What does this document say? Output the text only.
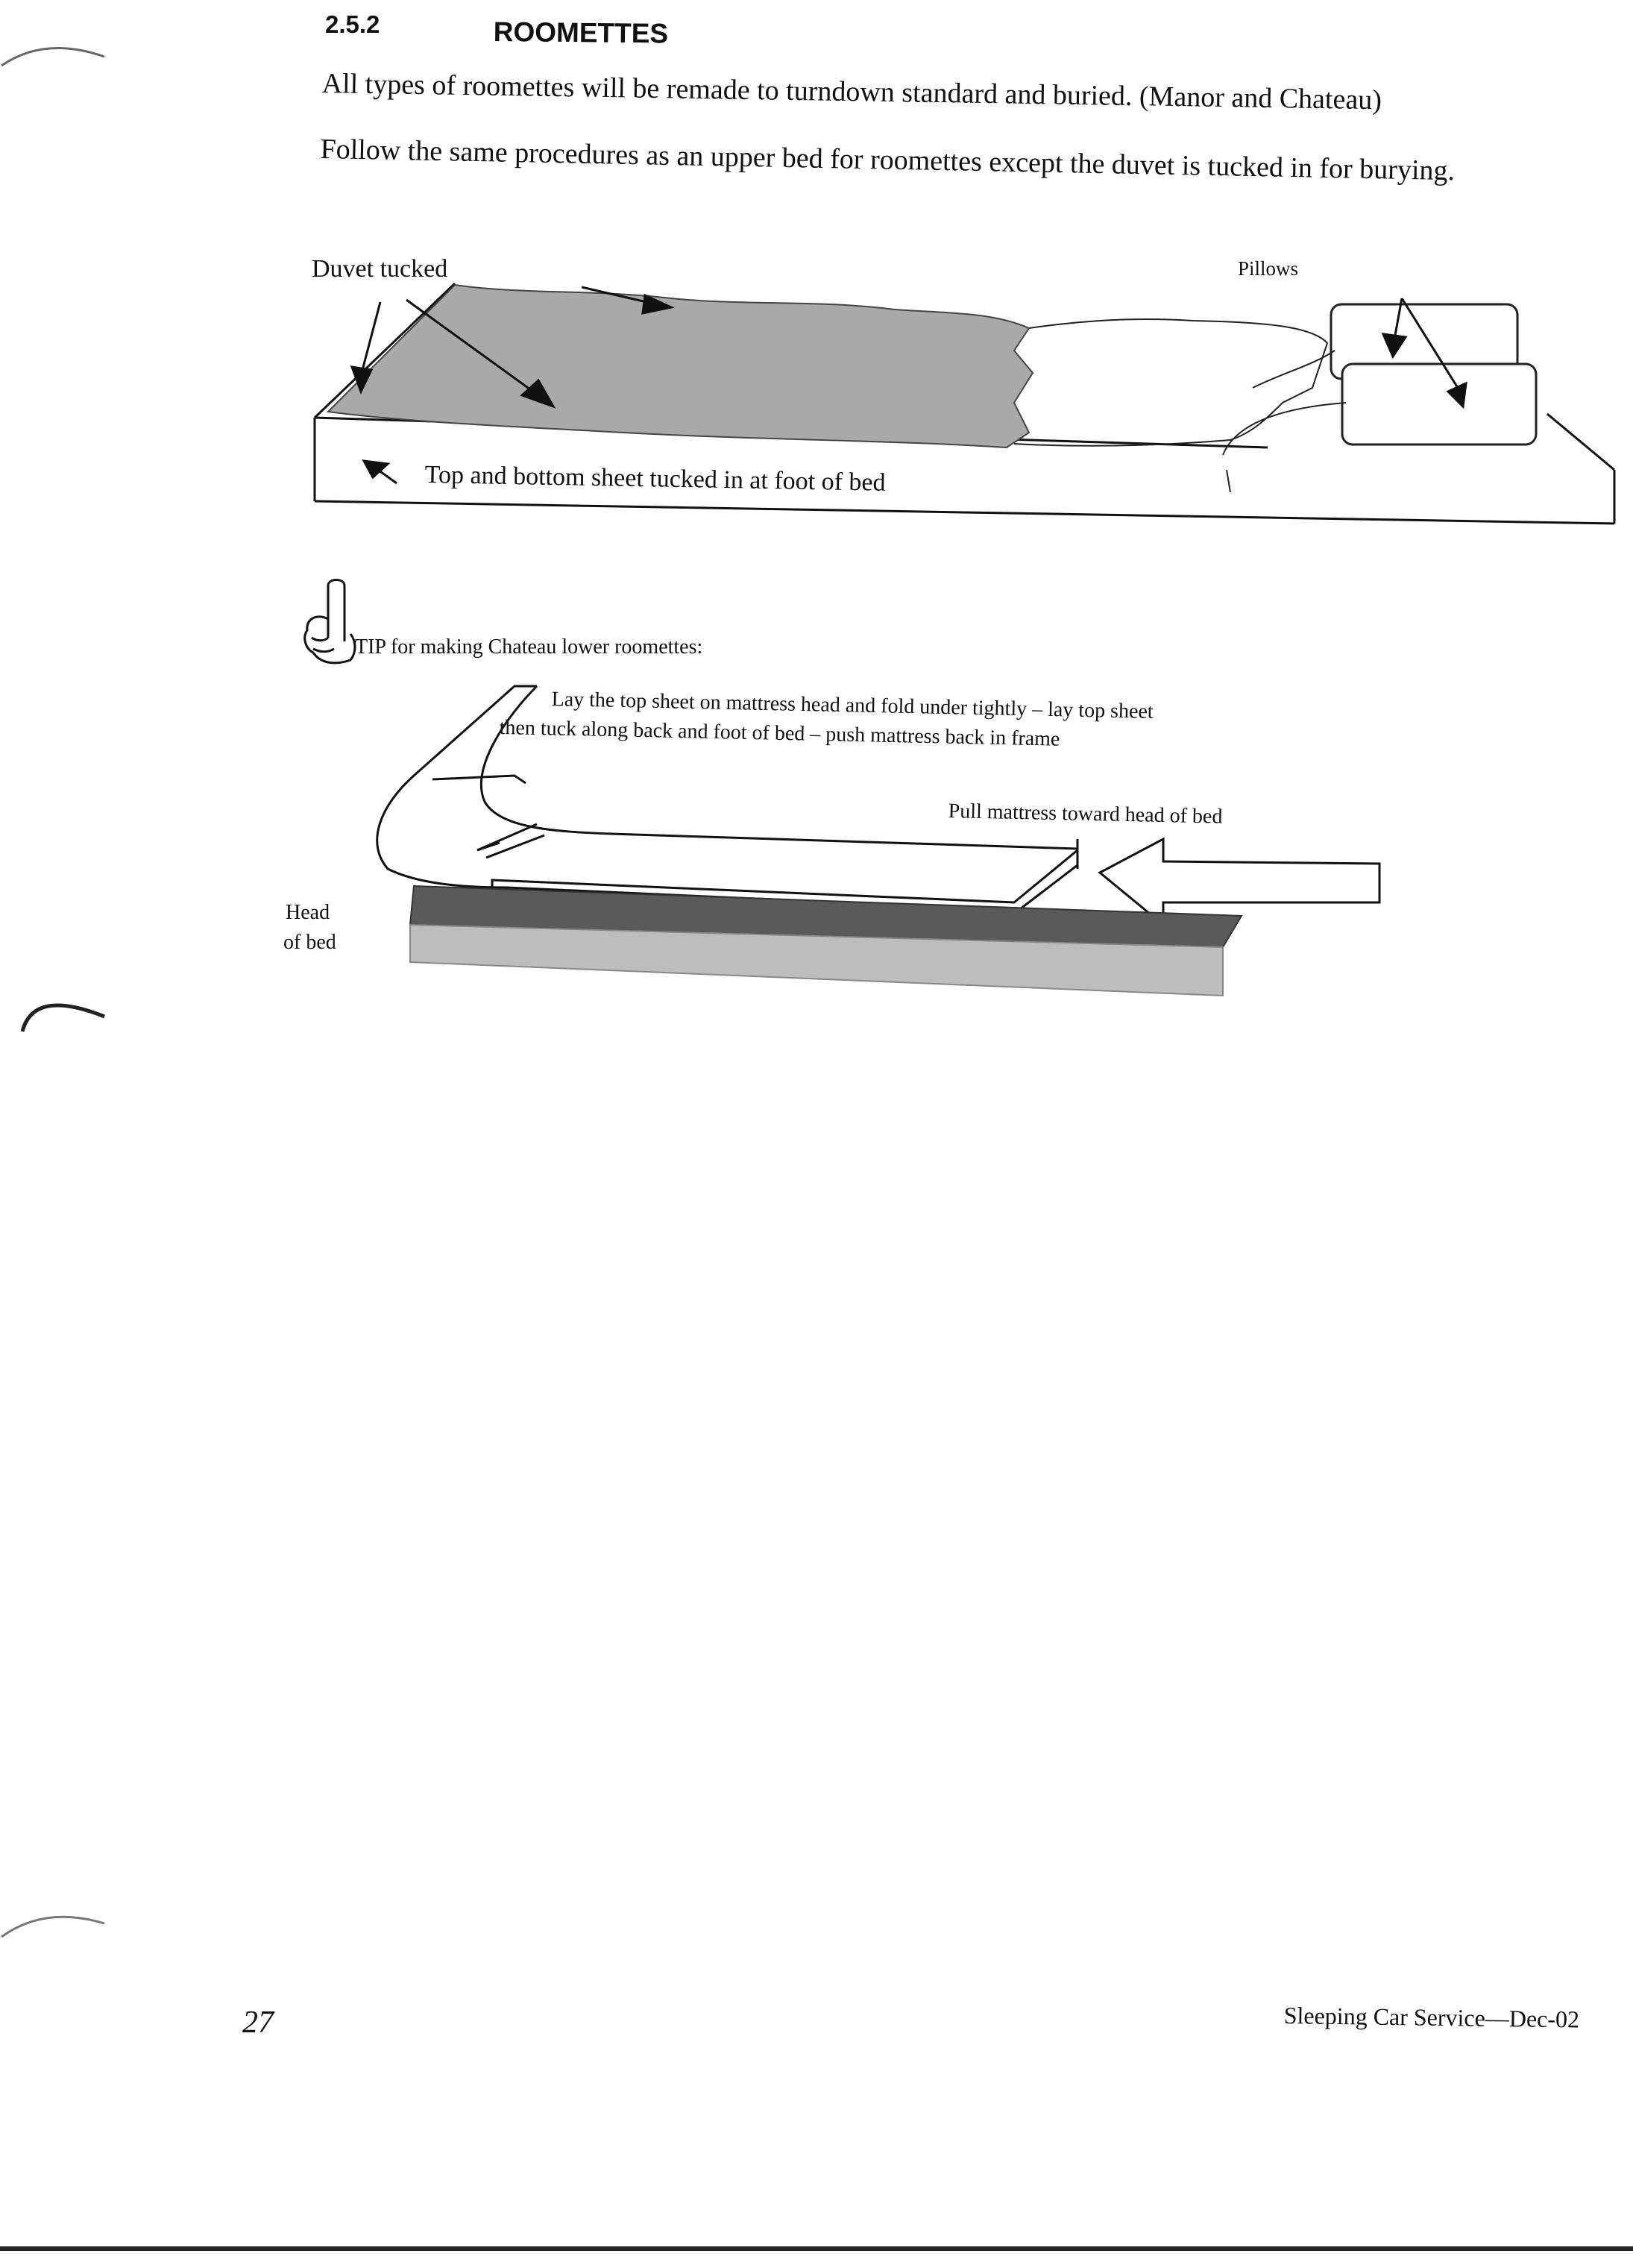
2.5.2	ROOMETTES
All types of roomettes will be remade to turndown standard and buried. (Manor and Chateau)
Follow the same procedures as an upper bed for roomettes except the duvet is tucked in for burying.
Duvet tucked	Pillows
Top and bottom sheet tucked in at foot of bed
TIP for making Chateau lower roomettes:
Lay the top sheet on mattress head and fold under tightly – lay top sheet
then tuck along back and foot of bed – push mattress back in frame
Pull mattress toward head of bed
Head
of bed
27	Sleeping Car Service—Dec-02
